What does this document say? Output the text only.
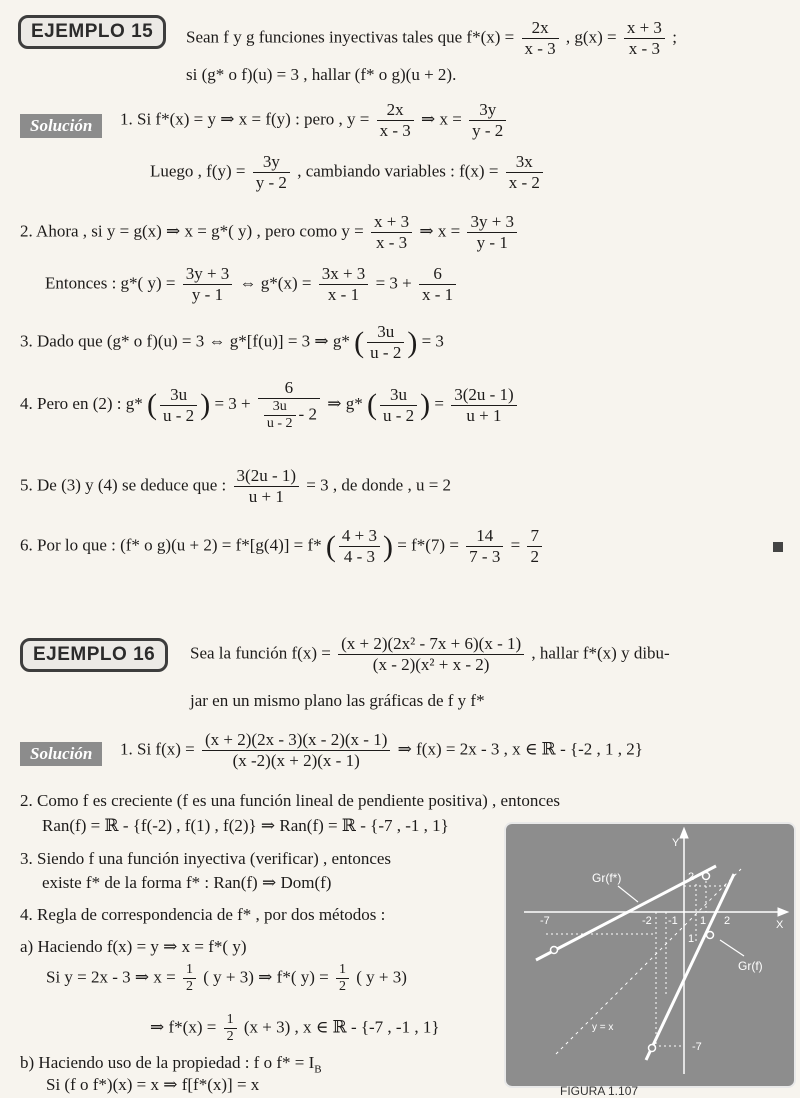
EJEMPLO 15	Sean f y g funciones inyectivas tales que $f*(x) = \frac{2x}{x - 3}$ , $g(x) = \frac{x + 3}{x - 3}$ ;
si (g* o f)(u) = 3 , hallar (f* o g)(u + 2).
Solución	1. Si f*(x) = y ⇒ x = f(y) : pero , $y = \frac{2x}{x - 3}$ ⇒ $x = \frac{3y}{y - 2}$
Luego , $f(y) = \frac{3y}{y - 2}$ , cambiando variables : $f(x) = \frac{3x}{x - 2}$
2. Ahora , si y = g(x) ⇒ x = g*( y) , pero como $y = \frac{x + 3}{x - 3}$ ⇒ $x = \frac{3y + 3}{y - 1}$
Entonces : g*( $y) = \frac{3y + 3}{y - 1}$ ⇔ $g*(x) = \frac{3x + 3}{x - 1} = 3 + \frac{6}{x - 1}$
3. Dado que (g* o f)(u) = 3 ⇔ g*[f(u)] = 3 ⇒ g* ( $\frac{3u}{u - 2}$ ) = 3
4. Pero en (2) : g* ( $\frac{3u}{u - 2}$ ) = $3 + \frac{6}{\frac{3u}{u - 2} - 2}$ ⇒ g* ( $\frac{3u}{u - 2}$ ) = $\frac{3(2u - 1)}{u + 1}$
5. De (3) y (4) se deduce que : $\frac{3(2u - 1)}{u + 1} = 3$ , de donde , u = 2
6. Por lo que : (f* o g)(u + 2) = f*[g(4)] = f* ( $\frac{4 + 3}{4 - 3}$ ) = $f*(7) = \frac{14}{7 - 3} = \frac{7}{2}$
EJEMPLO 16	Sea la función $f(x) = \frac{\text{(x + 2)(2x² - 7x + 6)(x - 1)}}{\text{(x - 2)(x² + x - 2)}}$ , hallar f*(x) y dibu-
jar en un mismo plano las gráficas de f y f*
Solución	1. Si $f(x) = \frac{(x + 2)(2x - 3)(x - 2)(x - 1)}{(x -2)(x + 2)(x - 1)}$ ⇒ f(x) = 2x - 3 , x ∈ ℝ - {-2 , 1 , 2}
2. Como f es creciente (f es una función lineal de pendiente positiva) , entonces
Ran(f) = ℝ - {f(-2) , f(1) , f(2)} ⇒ Ran(f) = ℝ - {-7 , -1 , 1}
3. Siendo f una función inyectiva (verificar) , entonces
existe f* de la forma f* : Ran(f) ⇒ Dom(f)
4. Regla de correspondencia de f* , por dos métodos :
a) Haciendo f(x) = y ⇒ x = f*( y)
Si y = 2x - 3 ⇒ $x = \frac{1}{2}$ ( y + 3) ⇒ f*( $y) = \frac{1}{2}$ ( y + 3)
⇒ $f*(x) = \frac{1}{2} (x + 3)$ , x ∈ ℝ - {-7 , -1 , 1}
b) Haciendo uso de la propiedad : f o $f* = I_B$
Si (f o f*)(x) = x ⇒ f[f*(x)] = x
Y
X
Gr(f*)
Gr(f)
y = x
-7	-2 -1 1 2
2
1
-7
FIGURA 1.107
